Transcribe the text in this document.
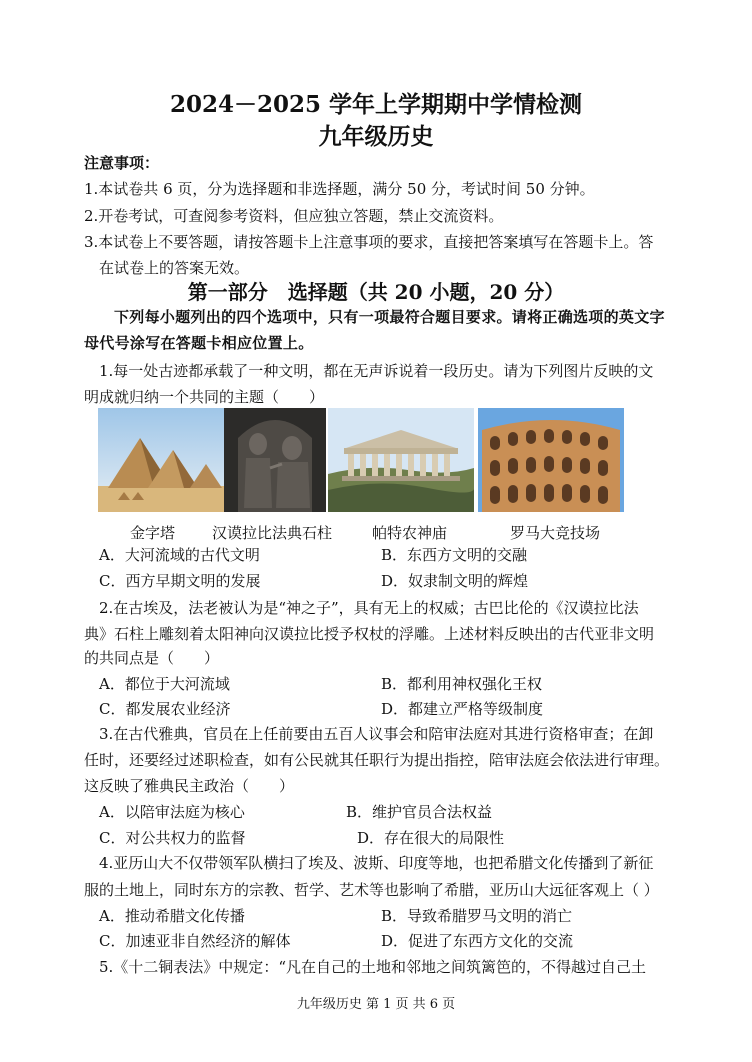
2024－2025 学年上学期期中学情检测
九年级历史
注意事项：
1.本试卷共 6 页，分为选择题和非选择题，满分 50 分，考试时间 50 分钟。
2.开卷考试，可查阅参考资料，但应独立答题，禁止交流资料。
3.本试卷上不要答题，请按答题卡上注意事项的要求，直接把答案填写在答题卡上。答
在试卷上的答案无效。
第一部分　选择题（共 20 小题，20 分）
下列每小题列出的四个选项中，只有一项最符合题目要求。请将正确选项的英文字
母代号涂写在答题卡相应位置上。
1.每一处古迹都承载了一种文明，都在无声诉说着一段历史。请为下列图片反映的文
明成就归纳一个共同的主题（　　）
金字塔 汉谟拉比法典石柱	帕特农神庙	罗马大竞技场
A．大河流域的古代文明	B．东西方文明的交融
C．西方早期文明的发展	D．奴隶制文明的辉煌
2.在古埃及，法老被认为是“神之子”，具有无上的权威；古巴比伦的《汉谟拉比法
典》石柱上雕刻着太阳神向汉谟拉比授予权杖的浮雕。上述材料反映出的古代亚非文明
的共同点是（　　）
A．都位于大河流域	B．都利用神权强化王权
C．都发展农业经济	D．都建立严格等级制度
3.在古代雅典，官员在上任前要由五百人议事会和陪审法庭对其进行资格审查；在卸
任时，还要经过述职检查，如有公民就其任职行为提出指控，陪审法庭会依法进行审理。
这反映了雅典民主政治（　　）
A．以陪审法庭为核心	B．维护官员合法权益
C．对公共权力的监督	D．存在很大的局限性
4.亚历山大不仅带领军队横扫了埃及、波斯、印度等地，也把希腊文化传播到了新征
服的土地上，同时东方的宗教、哲学、艺术等也影响了希腊，亚历山大远征客观上（ ）
A．推动希腊文化传播	B．导致希腊罗马文明的消亡
C．加速亚非自然经济的解体	D．促进了东西方文化的交流
5.《十二铜表法》中规定：“凡在自己的土地和邻地之间筑篱笆的，不得越过自己土
九年级历史 第 1 页 共 6 页
